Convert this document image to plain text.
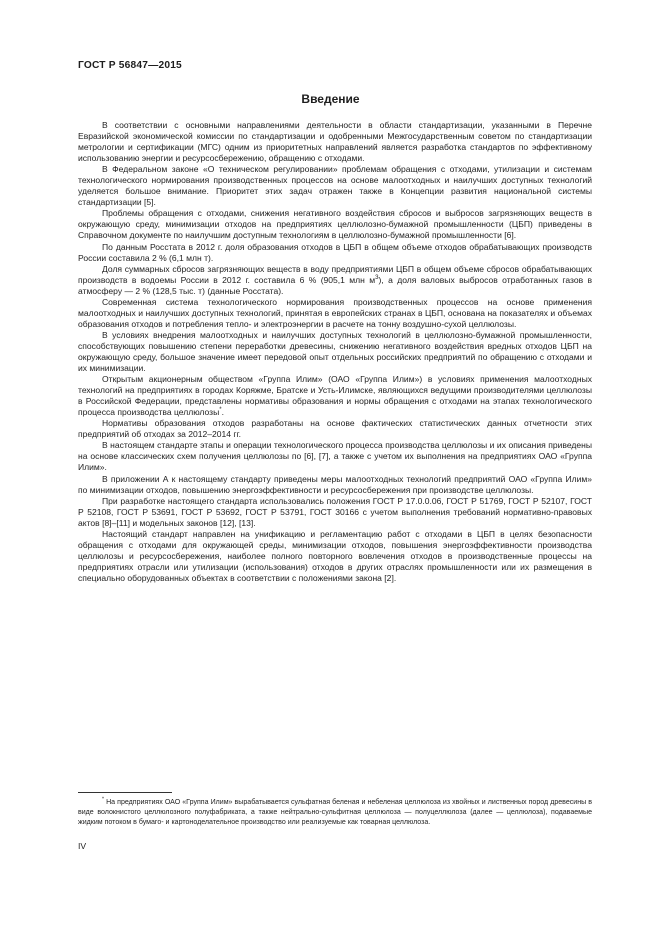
ГОСТ Р 56847—2015
Введение

В соответствии с основными направлениями деятельности в области стандартизации, указанными в Перечне Евразийской экономической комиссии по стандартизации и одобренными Межгосударственным советом по стандартизации метрологии и сертификации (МГС) одним из приоритетных направлений является разработка стандартов по эффективному использованию энергии и ресурсосбережению, обращению с отходами.

В Федеральном законе «О техническом регулировании» проблемам обращения с отходами, утилизации и системам технологического нормирования производственных процессов на основе малоотходных и наилучших доступных технологий уделяется большое внимание. Приоритет этих задач отражен также в Концепции развития национальной системы стандартизации [5].

Проблемы обращения с отходами, снижения негативного воздействия сбросов и выбросов загрязняющих веществ в окружающую среду, минимизации отходов на предприятиях целлюлозно-бумажной промышленности (ЦБП) приведены в Справочном документе по наилучшим доступным технологиям в целлюлозно-бумажной промышленности [6].

По данным Росстата в 2012 г. доля образования отходов в ЦБП в общем объеме отходов обрабатывающих производств России составила 2 % (6,1 млн т).

Доля суммарных сбросов загрязняющих веществ в воду предприятиями ЦБП в общем объеме сбросов обрабатывающих производств в водоемы России в 2012 г. составила 6 % (905,1 млн $м^3$), а доля валовых выбросов отработанных газов в атмосферу — 2 % (128,5 тыс. т) (данные Росстата).

Современная система технологического нормирования производственных процессов на основе применения малоотходных и наилучших доступных технологий, принятая в европейских странах в ЦБП, основана на показателях и объемах образования отходов и потребления тепло- и электроэнергии в расчете на тонну воздушно-сухой целлюлозы.

В условиях внедрения малоотходных и наилучших доступных технологий в целлюлозно-бумажной промышленности, способствующих повышению степени переработки древесины, снижению негативного воздействия вредных отходов ЦБП на окружающую среду, большое значение имеет передовой опыт отдельных российских предприятий по обращению с отходами и их минимизации.

Открытым акционерным обществом «Группа Илим» (ОАО «Группа Илим») в условиях применения малоотходных технологий на предприятиях в городах Коряжме, Братске и Усть-Илимске, являющихся ведущими производителями целлюлозы в Российской Федерации, представлены нормативы образования и нормы обращения с отходами на этапах технологического процесса производства целлюлозы*.

Нормативы образования отходов разработаны на основе фактических статистических данных отчетности этих предприятий об отходах за 2012–2014 гг.

В настоящем стандарте этапы и операции технологического процесса производства целлюлозы и их описания приведены на основе классических схем получения целлюлозы по [6], [7], а также с учетом их выполнения на предприятиях ОАО «Группа Илим».

В приложении А к настоящему стандарту приведены меры малоотходных технологий предприятий ОАО «Группа Илим» по минимизации отходов, повышению энергоэффективности и ресурсосбережения при производстве целлюлозы.

При разработке настоящего стандарта использовались положения ГОСТ Р 17.0.0.06, ГОСТ Р 51769, ГОСТ Р 52107, ГОСТ Р 52108, ГОСТ Р 53691, ГОСТ Р 53692, ГОСТ Р 53791, ГОСТ 30166 с учетом выполнения требований нормативно-правовых актов [8]–[11] и модельных законов [12], [13].

Настоящий стандарт направлен на унификацию и регламентацию работ с отходами в ЦБП в целях безопасности обращения с отходами для окружающей среды, минимизации отходов, повышения энергоэффективности производства целлюлозы и ресурсосбережения, наиболее полного повторного вовлечения отходов в производственные процессы на предприятиях отрасли или утилизации (использования) отходов в других отраслях промышленности или их размещения в специально оборудованных объектах в соответствии с положениями закона [2].

* На предприятиях ОАО «Группа Илим» вырабатывается сульфатная беленая и небеленая целлюлоза из хвойных и лиственных пород древесины в виде волокнистого целлюлозного полуфабриката, а также нейтрально-сульфитная целлюлоза — полуцеллюлоза (далее — целлюлоза), подаваемые жидким потоком в бумаго- и картоноделательное производство или реализуемые как товарная целлюлоза.

IV
